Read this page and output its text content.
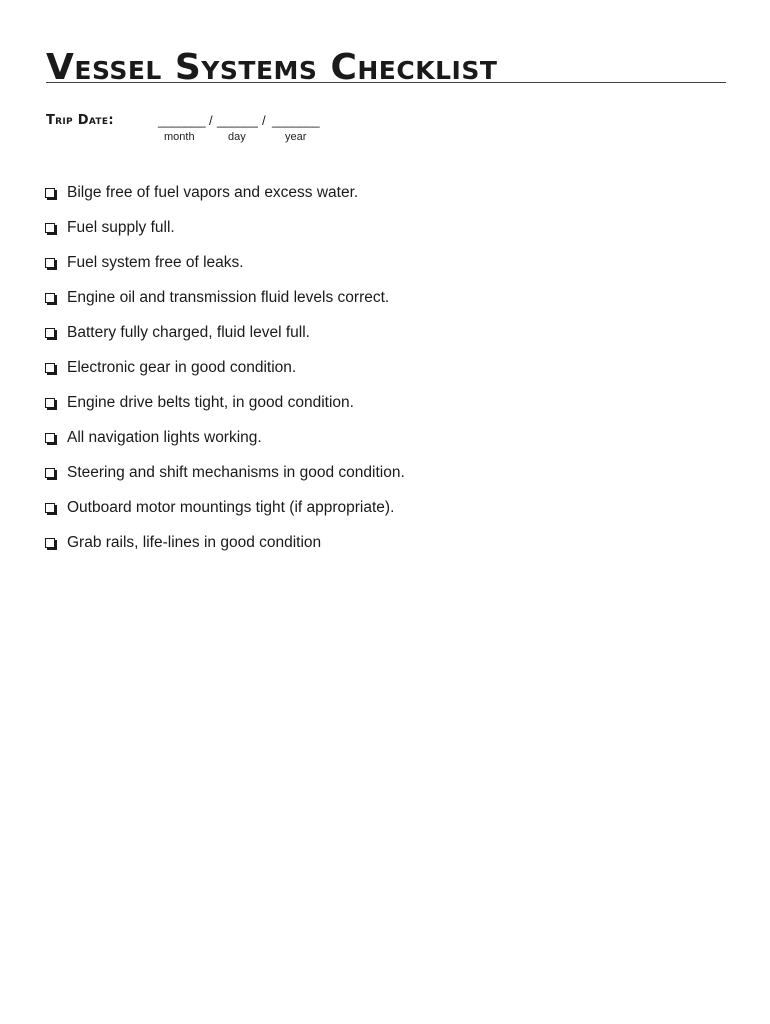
Vessel Systems Checklist
Trip Date:	_______ / ______ / _______
month	day	year
Bilge free of fuel vapors and excess water.
Fuel supply full.
Fuel system free of leaks.
Engine oil and transmission fluid levels correct.
Battery fully charged, fluid level full.
Electronic gear in good condition.
Engine drive belts tight, in good condition.
All navigation lights working.
Steering and shift mechanisms in good condition.
Outboard motor mountings tight (if appropriate).
Grab rails, life-lines in good condition
